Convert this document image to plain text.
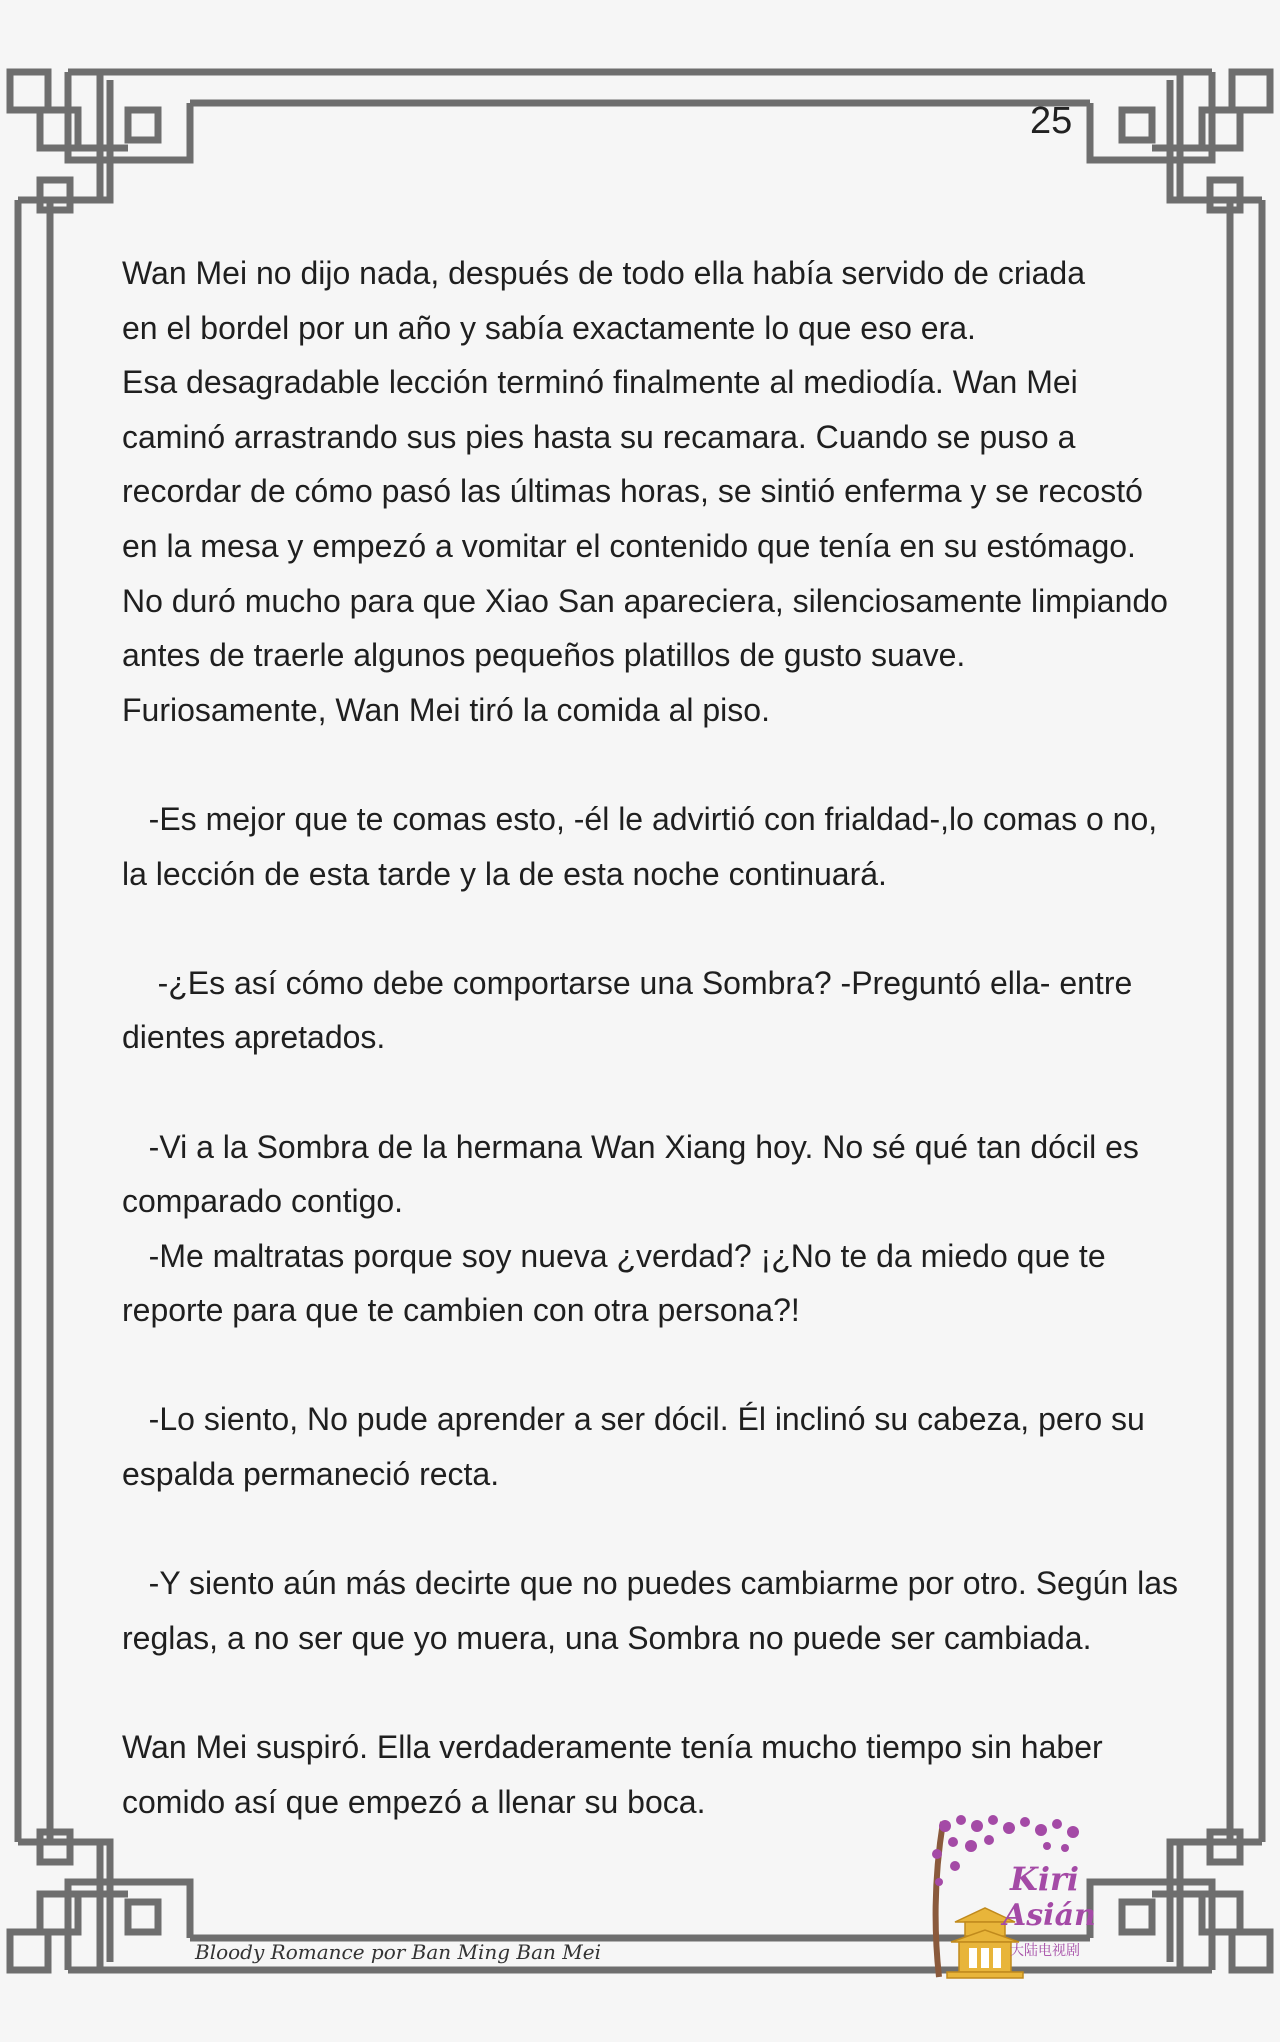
25

Wan Mei no dijo nada, después de todo ella había servido de criada

en el bordel por un año y sabía exactamente lo que eso era.

Esa desagradable lección terminó finalmente al mediodía. Wan Mei

caminó arrastrando sus pies hasta su recamara. Cuando se puso a

recordar de cómo pasó las últimas horas, se sintió enferma y se recostó

en la mesa y empezó a vomitar el contenido que tenía en su estómago.

No duró mucho para que Xiao San apareciera, silenciosamente limpiando

antes de traerle algunos pequeños platillos de gusto suave.

Furiosamente, Wan Mei tiró la comida al piso.

-Es mejor que te comas esto, -él le advirtió con frialdad-,lo comas o no,

la lección de esta tarde y la de esta noche continuará.

-¿Es así cómo debe comportarse una Sombra? -Preguntó ella- entre

dientes apretados.

-Vi a la Sombra de la hermana Wan Xiang hoy. No sé qué tan dócil es

comparado contigo.

-Me maltratas porque soy nueva ¿verdad? ¡¿No te da miedo que te

reporte para que te cambien con otra persona?!

-Lo siento, No pude aprender a ser dócil. Él inclinó su cabeza, pero su

espalda permaneció recta.

-Y siento aún más decirte que no puedes cambiarme por otro. Según las

reglas, a no ser que yo muera, una Sombra no puede ser cambiada.

Wan Mei suspiró. Ella verdaderamente tenía mucho tiempo sin haber

comido así que empezó a llenar su boca.

Bloody Romance por Ban Ming Ban Mei
Kiri
Asián
大陆电视剧
